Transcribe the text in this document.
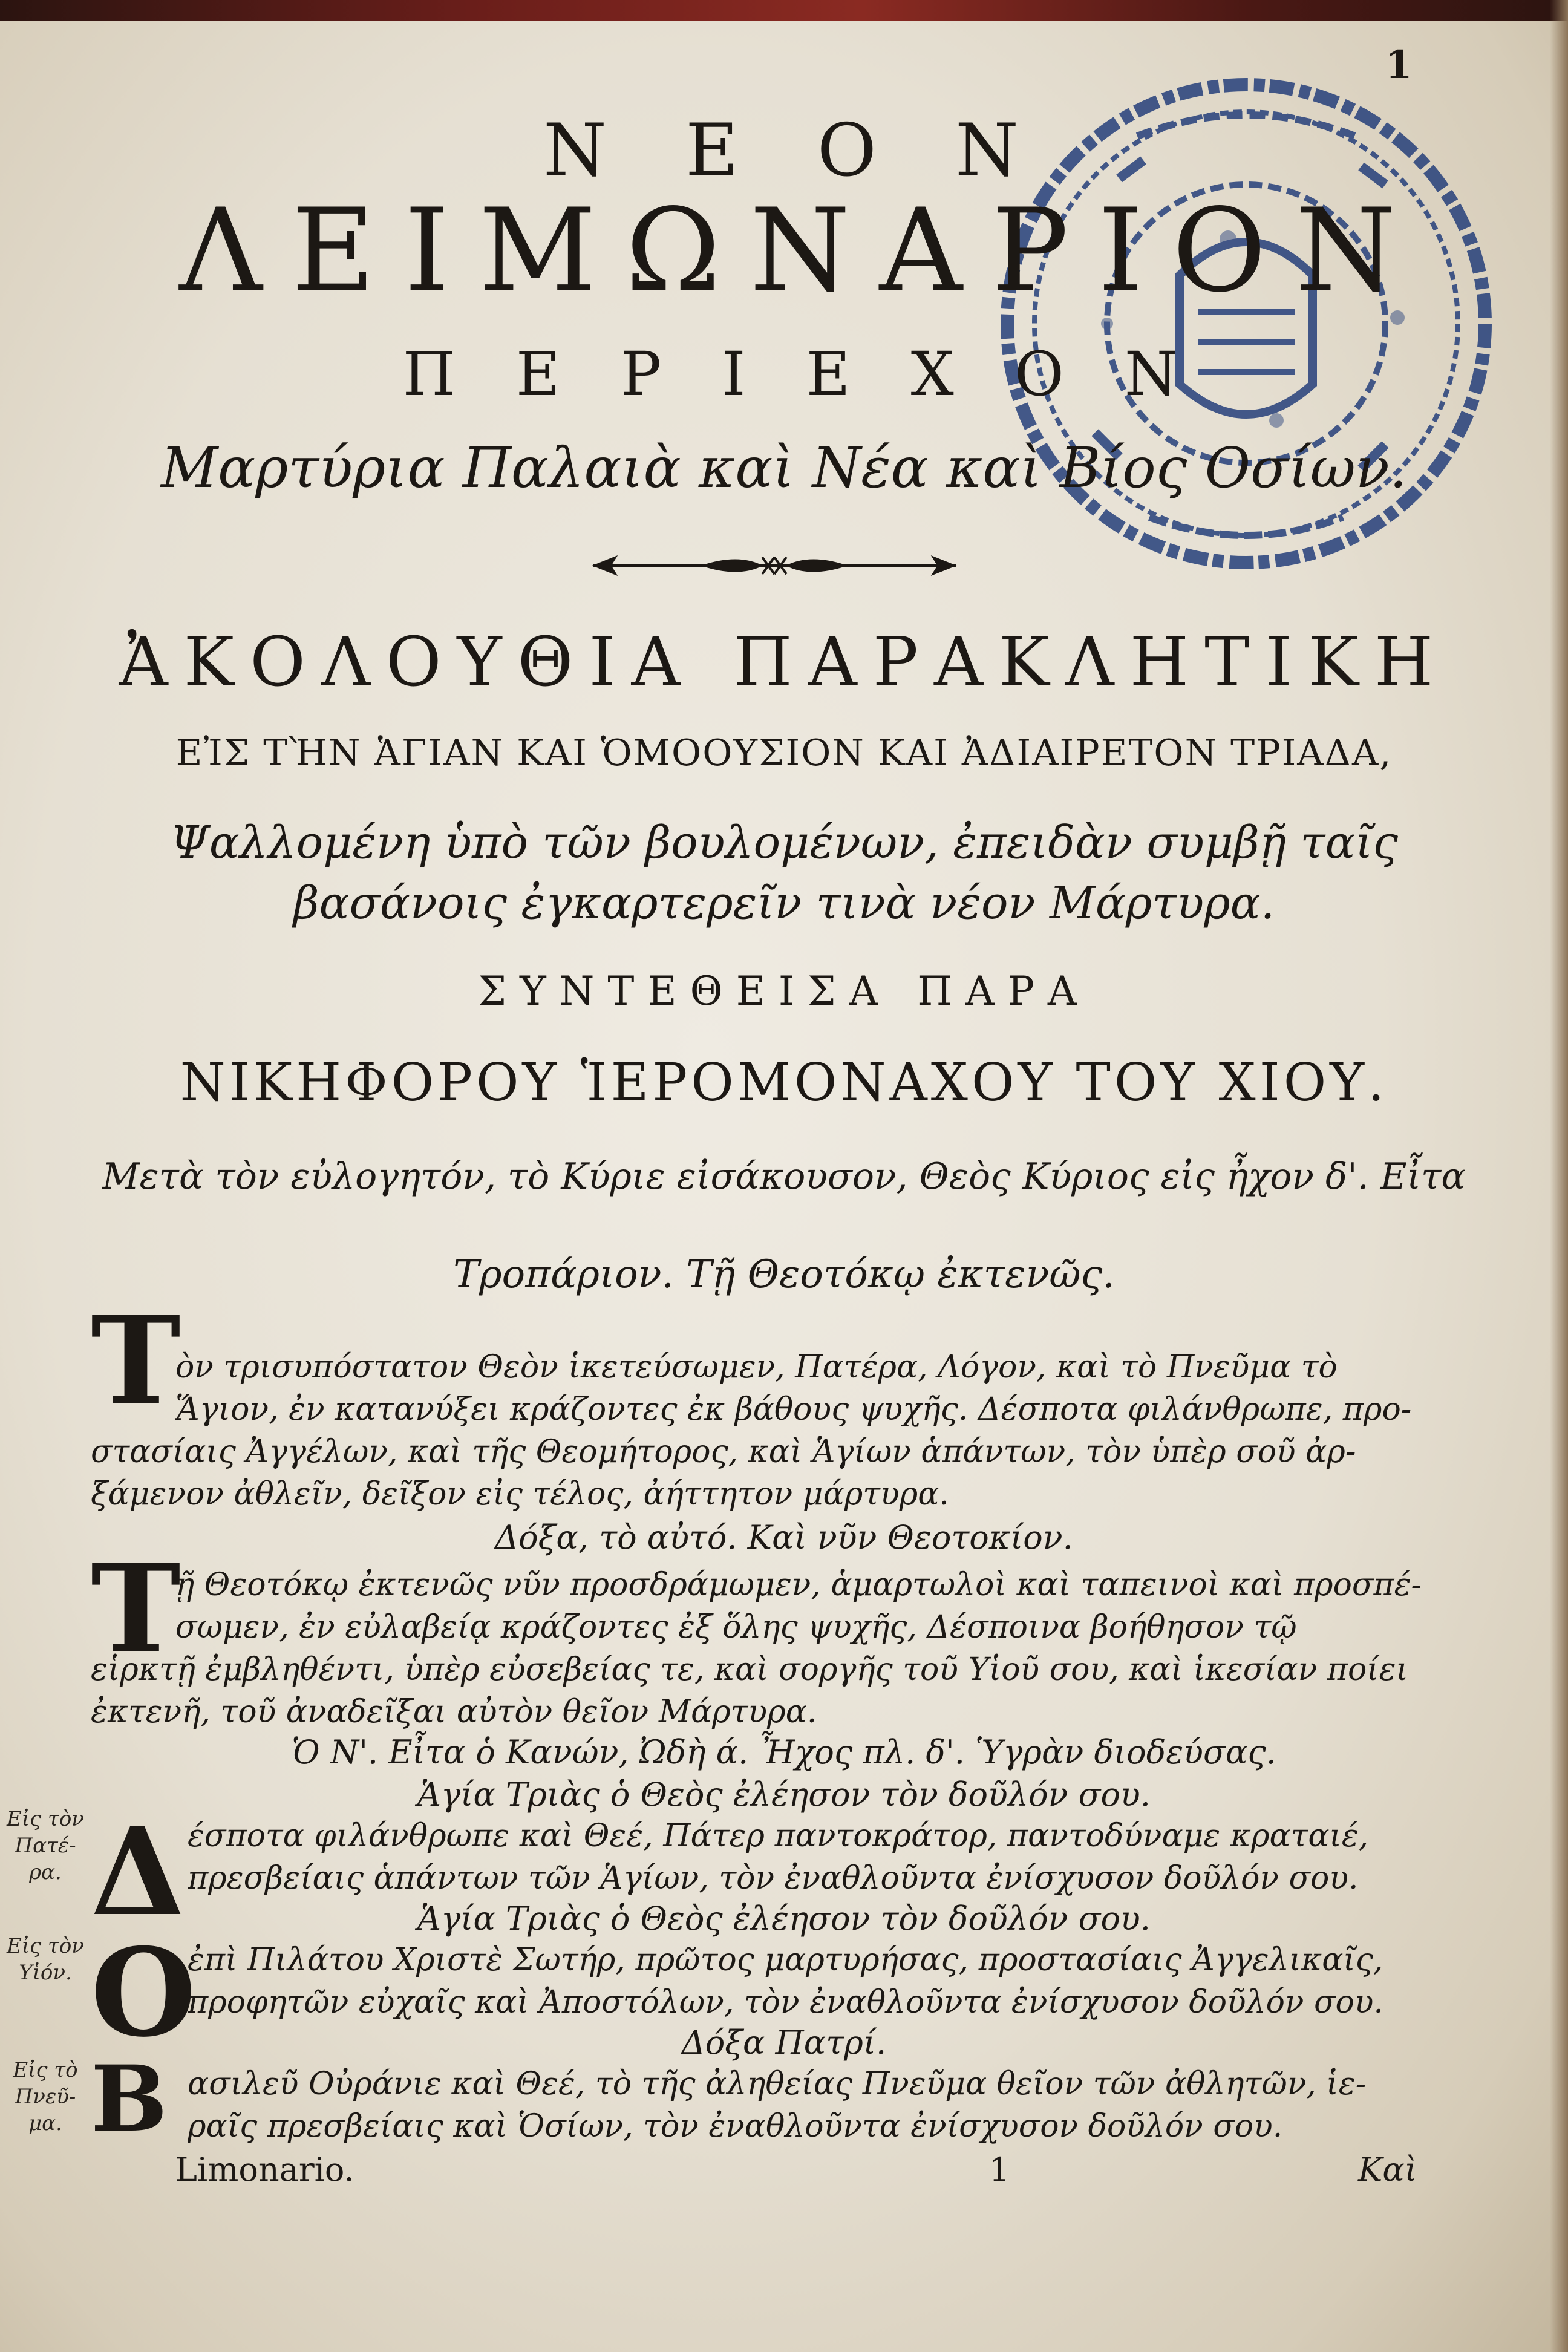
1
ΝΕΟΝ
ΛΕΙΜΩΝΑΡΙΟΝ
ΠΕΡΙΕΧΟΝ
Μαρτύρια Παλαιὰ καὶ Νέα καὶ Βίος Οσίων.
ἈΚΟΛΟΥΘΙΑ ΠΑΡΑΚΛΗΤΙΚΗ
ΕἸΣ ΤῊΝ ἉΓΙΑΝ ΚΑΙ ὉΜΟΟΥΣΙΟΝ ΚΑΙ ἈΔΙΑΙΡΕΤΟΝ ΤΡΙΑΔΑ,
Ψαλλομένη ὑπὸ τῶν βουλομένων, ἐπειδὰν συμβῇ ταῖς
βασάνοις ἐγκαρτερεῖν τινὰ νέον Μάρτυρα.
ΣΥΝΤΕΘΕΙΣΑ ΠΑΡΑ
ΝΙΚΗΦΟΡΟΥ ἹΕΡΟΜΟΝΑΧΟΥ ΤΟΥ ΧΙΟΥ.
Μετὰ τὸν εὐλογητόν, τὸ Κύριε εἰσάκουσον, Θεὸς Κύριος εἰς ἦχον δ'. Εἶτα
Τροπάριον. Τῇ Θεοτόκῳ ἐκτενῶς.
Τ
ὸν τρισυπόστατον Θεὸν ἱκετεύσωμεν, Πατέρα, Λόγον, καὶ τὸ Πνεῦμα τὸ
Ἅγιον, ἐν κατανύξει κράζοντες ἐκ βάθους ψυχῆς. Δέσποτα φιλάνθρωπε, προ-
στασίαις Ἀγγέλων, καὶ τῆς Θεομήτορος, καὶ Ἁγίων ἁπάντων, τὸν ὑπὲρ σοῦ ἀρ-
ξάμενον ἀθλεῖν, δεῖξον εἰς τέλος, ἀήττητον μάρτυρα.
Δόξα, τὸ αὐτό. Καὶ νῦν Θεοτοκίον.
Τ
ῇ Θεοτόκῳ ἐκτενῶς νῦν προσδράμωμεν, ἁμαρτωλοὶ καὶ ταπεινοὶ καὶ προσπέ-
σωμεν, ἐν εὐλαβείᾳ κράζοντες ἐξ ὅλης ψυχῆς, Δέσποινα βοήθησον τῷ
εἱρκτῇ ἐμβληθέντι, ὑπὲρ εὐσεβείας τε, καὶ σοργῆς τοῦ Υἱοῦ σου, καὶ ἱκεσίαν ποίει
ἐκτενῆ, τοῦ ἀναδεῖξαι αὐτὸν θεῖον Μάρτυρα.
Ὁ Ν'. Εἶτα ὁ Κανών, Ὠδὴ ά. Ἦχος πλ. δ'. Ὑγρὰν διοδεύσας.
Ἁγία Τριὰς ὁ Θεὸς ἐλέησον τὸν δοῦλόν σου.
Εἰς τὸν
Πατέ-
ρα. Δ έσποτα φιλάνθρωπε καὶ Θεέ, Πάτερ παντοκράτορ, παντοδύναμε κραταιέ,
πρεσβείαις ἁπάντων τῶν Ἁγίων, τὸν ἐναθλοῦντα ἐνίσχυσον δοῦλόν σου.
Ἁγία Τριὰς ὁ Θεὸς ἐλέησον τὸν δοῦλόν σου.
Εἰς τὸν
Υἱόν. Ο
ἐπὶ Πιλάτου Χριστὲ Σωτήρ, πρῶτος μαρτυρήσας, προστασίαις Ἀγγελικαῖς,
προφητῶν εὐχαῖς καὶ Ἀποστόλων, τὸν ἐναθλοῦντα ἐνίσχυσον δοῦλόν σου.
Δόξα Πατρί.
Εἰς τὸ
Πνεῦ-
μα. Β ασιλεῦ Οὐράνιε καὶ Θεέ, τὸ τῆς ἀληθείας Πνεῦμα θεῖον τῶν ἀθλητῶν, ἱε-
ραῖς πρεσβείαις καὶ Ὁσίων, τὸν ἐναθλοῦντα ἐνίσχυσον δοῦλόν σου.
Limonario.	1	Καὶ
